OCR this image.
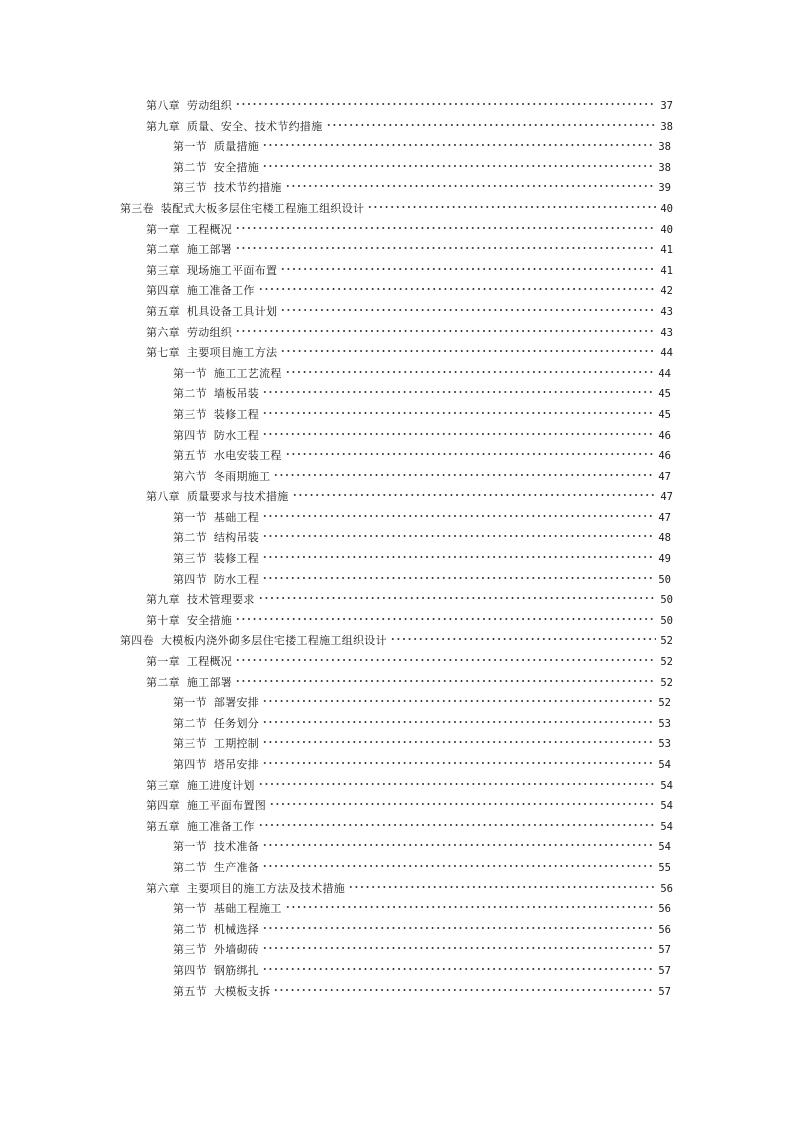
第八章 劳动组织	37
第九章 质量、安全、技术节约措施	38
第一节 质量措施	38
第二节 安全措施	38
第三节 技术节约措施	39
第三卷 装配式大板多层住宅楼工程施工组织设计	40
第一章 工程概况	40
第二章 施工部署	41
第三章 现场施工平面布置	41
第四章 施工准备工作	42
第五章 机具设备工具计划	43
第六章 劳动组织	43
第七章 主要项目施工方法	44
第一节 施工工艺流程	44
第二节 墙板吊装	45
第三节 装修工程	45
第四节 防水工程	46
第五节 水电安装工程	46
第六节 冬雨期施工	47
第八章 质量要求与技术措施	47
第一节 基础工程	47
第二节 结构吊装	48
第三节 装修工程	49
第四节 防水工程	50
第九章 技术管理要求	50
第十章 安全措施	50
第四卷 大模板内浇外砌多层住宅搂工程施工组织设计	52
第一章 工程概况	52
第二章 施工部署	52
第一节 部署安排	52
第二节 任务划分	53
第三节 工期控制	53
第四节 塔吊安排	54
第三章 施工进度计划	54
第四章 施工平面布置图	54
第五章 施工准备工作	54
第一节 技术准备	54
第二节 生产准备	55
第六章 主要项目的施工方法及技术措施	56
第一节 基础工程施工	56
第二节 机械选择	56
第三节 外墙砌砖	57
第四节 钢筋绑扎	57
第五节 大模板支拆	57
